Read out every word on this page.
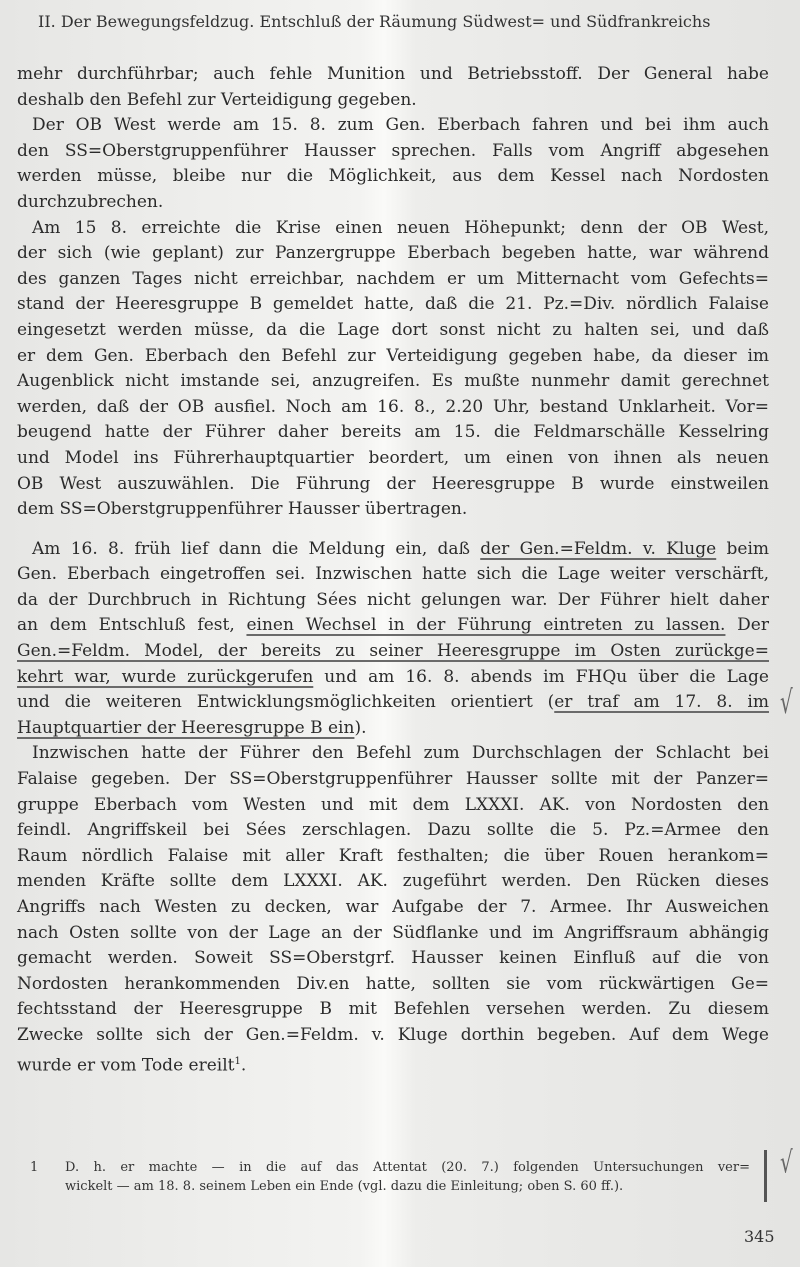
II. Der Bewegungsfeldzug. Entschluß der Räumung Südwest= und Südfrankreichs
mehr durchführbar; auch fehle Munition und Betriebsstoff. Der General habe
deshalb den Befehl zur Verteidigung gegeben.
Der OB West werde am 15. 8. zum Gen. Eberbach fahren und bei ihm auch
den SS=Oberstgruppenführer Hausser sprechen. Falls vom Angriff abgesehen
werden müsse, bleibe nur die Möglichkeit, aus dem Kessel nach Nordosten
durchzubrechen.
Am 15 8. erreichte die Krise einen neuen Höhepunkt; denn der OB West,
der sich (wie geplant) zur Panzergruppe Eberbach begeben hatte, war während
des ganzen Tages nicht erreichbar, nachdem er um Mitternacht vom Gefechts=
stand der Heeresgruppe B gemeldet hatte, daß die 21. Pz.=Div. nördlich Falaise
eingesetzt werden müsse, da die Lage dort sonst nicht zu halten sei, und daß
er dem Gen. Eberbach den Befehl zur Verteidigung gegeben habe, da dieser im
Augenblick nicht imstande sei, anzugreifen. Es mußte nunmehr damit gerechnet
werden, daß der OB ausfiel. Noch am 16. 8., 2.20 Uhr, bestand Unklarheit. Vor=
beugend hatte der Führer daher bereits am 15. die Feldmarschälle Kesselring
und Model ins Führerhauptquartier beordert, um einen von ihnen als neuen
OB West auszuwählen. Die Führung der Heeresgruppe B wurde einstweilen
dem SS=Oberstgruppenführer Hausser übertragen.
Am 16. 8. früh lief dann die Meldung ein, daß der Gen.=Feldm. v. Kluge beim
Gen. Eberbach eingetroffen sei. Inzwischen hatte sich die Lage weiter verschärft,
da der Durchbruch in Richtung Sées nicht gelungen war. Der Führer hielt daher
an dem Entschluß fest, einen Wechsel in der Führung eintreten zu lassen. Der
Gen.=Feldm. Model, der bereits zu seiner Heeresgruppe im Osten zurückge=
kehrt war, wurde zurückgerufen und am 16. 8. abends im FHQu über die Lage
und die weiteren Entwicklungsmöglichkeiten orientiert (er traf am 17. 8. im
Hauptquartier der Heeresgruppe B ein).
Inzwischen hatte der Führer den Befehl zum Durchschlagen der Schlacht bei
Falaise gegeben. Der SS=Oberstgruppenführer Hausser sollte mit der Panzer=
gruppe Eberbach vom Westen und mit dem LXXXI. AK. von Nordosten den
feindl. Angriffskeil bei Sées zerschlagen. Dazu sollte die 5. Pz.=Armee den
Raum nördlich Falaise mit aller Kraft festhalten; die über Rouen herankom=
menden Kräfte sollte dem LXXXI. AK. zugeführt werden. Den Rücken dieses
Angriffs nach Westen zu decken, war Aufgabe der 7. Armee. Ihr Ausweichen
nach Osten sollte von der Lage an der Südflanke und im Angriffsraum abhängig
gemacht werden. Soweit SS=Oberstgrf. Hausser keinen Einfluß auf die von
Nordosten herankommenden Div.en hatte, sollten sie vom rückwärtigen Ge=
fechtsstand der Heeresgruppe B mit Befehlen versehen werden. Zu diesem
Zwecke sollte sich der Gen.=Feldm. v. Kluge dorthin begeben. Auf dem Wege
wurde er vom Tode ereilt$^1$.
√
1	D. h. er machte — in die auf das Attentat (20. 7.) folgenden Untersuchungen ver=
wickelt — am 18. 8. seinem Leben ein Ende (vgl. dazu die Einleitung; oben S. 60 ff.).
√
345
